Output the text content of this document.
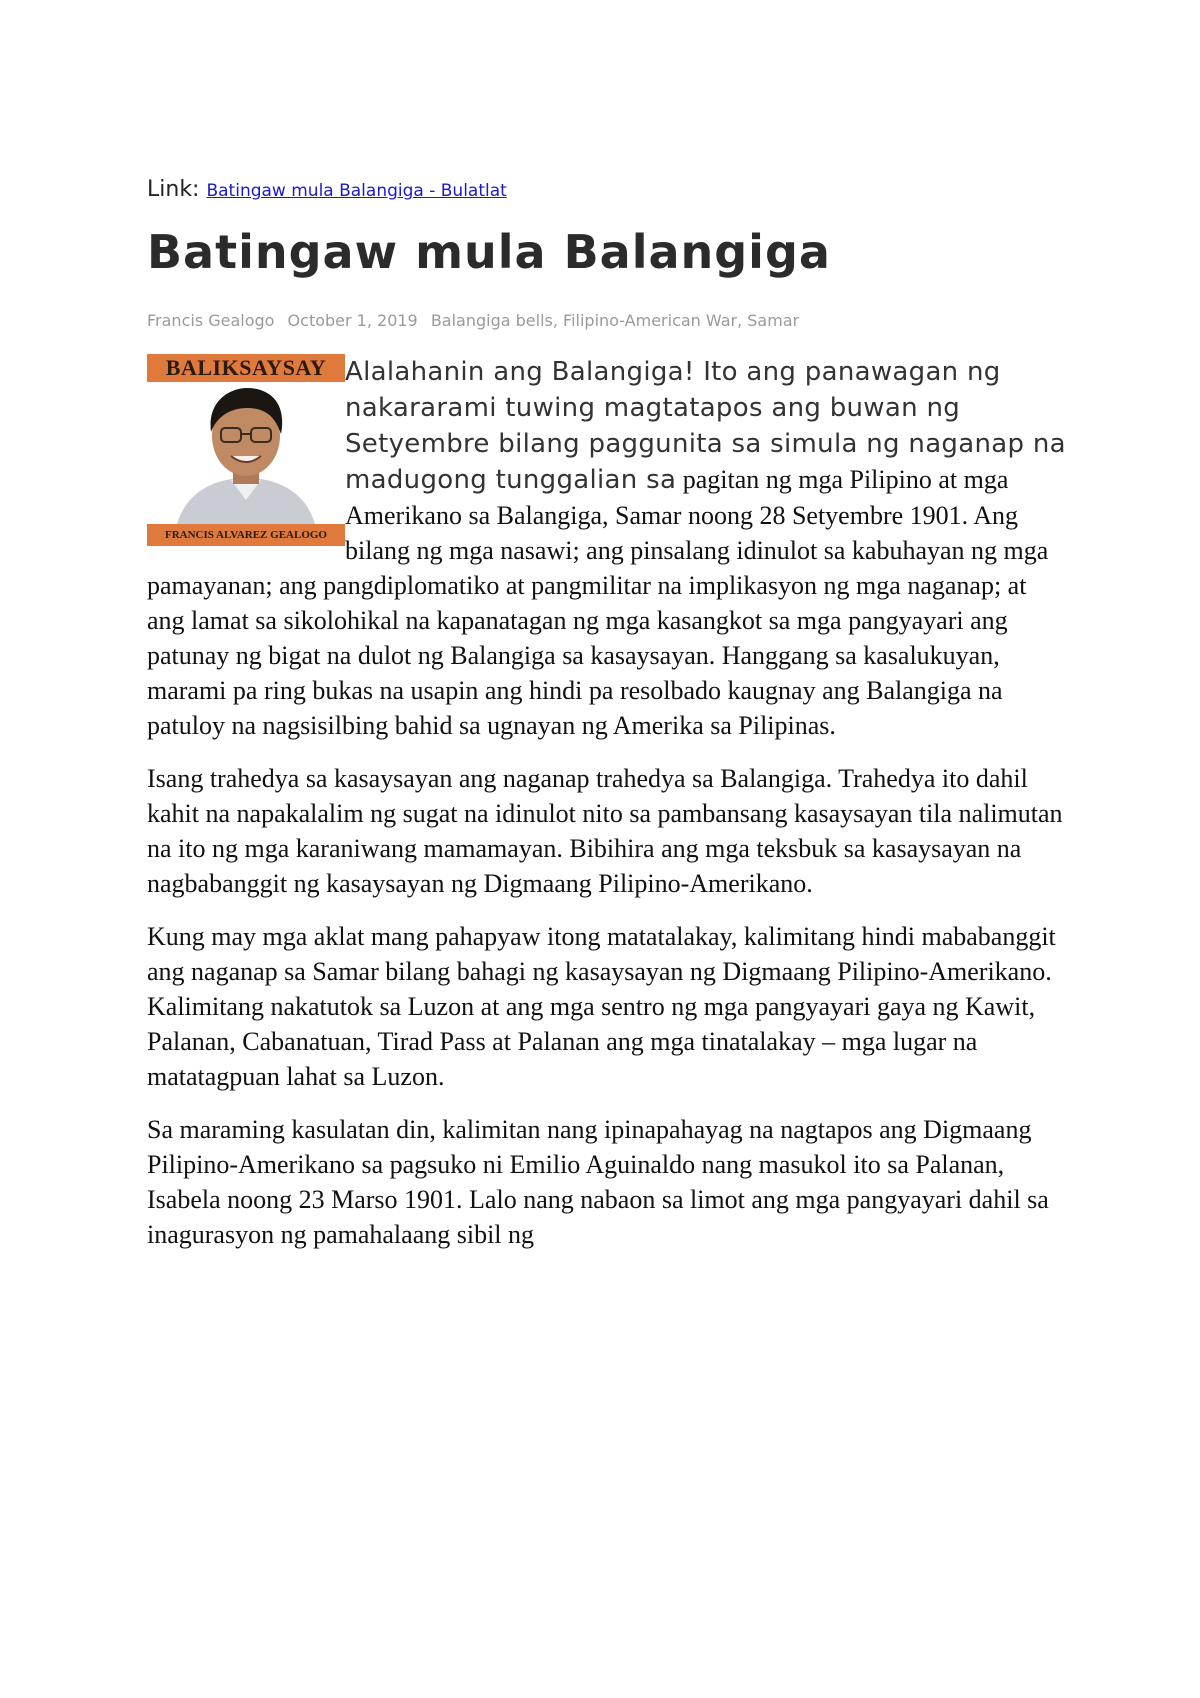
Link: Batingaw mula Balangiga - Bulatlat
Batingaw mula Balangiga
Francis Gealogo October 1, 2019 Balangiga bells, Filipino-American War, Samar

BALIKSAYSAY
FRANCIS ALVAREZ GEALOGO
Alalahanin ang Balangiga! Ito ang panawagan ng nakararami tuwing magtatapos ang buwan ng Setyembre bilang paggunita sa simula ng naganap na madugong tunggalian sa pagitan ng mga Pilipino at mga Amerikano sa Balangiga, Samar noong 28 Setyembre 1901. Ang bilang ng mga nasawi; ang pinsalang idinulot sa kabuhayan ng mga pamayanan; ang pangdiplomatiko at pangmilitar na implikasyon ng mga naganap; at ang lamat sa sikolohikal na kapanatagan ng mga kasangkot sa mga pangyayari ang patunay ng bigat na dulot ng Balangiga sa kasaysayan. Hanggang sa kasalukuyan, marami pa ring bukas na usapin ang hindi pa resolbado kaugnay ang Balangiga na patuloy na nagsisilbing bahid sa ugnayan ng Amerika sa Pilipinas.

Isang trahedya sa kasaysayan ang naganap trahedya sa Balangiga. Trahedya ito dahil kahit na napakalalim ng sugat na idinulot nito sa pambansang kasaysayan tila nalimutan na ito ng mga karaniwang mamamayan. Bibihira ang mga teksbuk sa kasaysayan na nagbabanggit ng kasaysayan ng Digmaang Pilipino-Amerikano.

Kung may mga aklat mang pahapyaw itong matatalakay, kalimitang hindi mababanggit ang naganap sa Samar bilang bahagi ng kasaysayan ng Digmaang Pilipino-Amerikano. Kalimitang nakatutok sa Luzon at ang mga sentro ng mga pangyayari gaya ng Kawit, Palanan, Cabanatuan, Tirad Pass at Palanan ang mga tinatalakay – mga lugar na matatagpuan lahat sa Luzon.

Sa maraming kasulatan din, kalimitan nang ipinapahayag na nagtapos ang Digmaang Pilipino-Amerikano sa pagsuko ni Emilio Aguinaldo nang masukol ito sa Palanan, Isabela noong 23 Marso 1901. Lalo nang nabaon sa limot ang mga pangyayari dahil sa inagurasyon ng pamahalaang sibil ng
